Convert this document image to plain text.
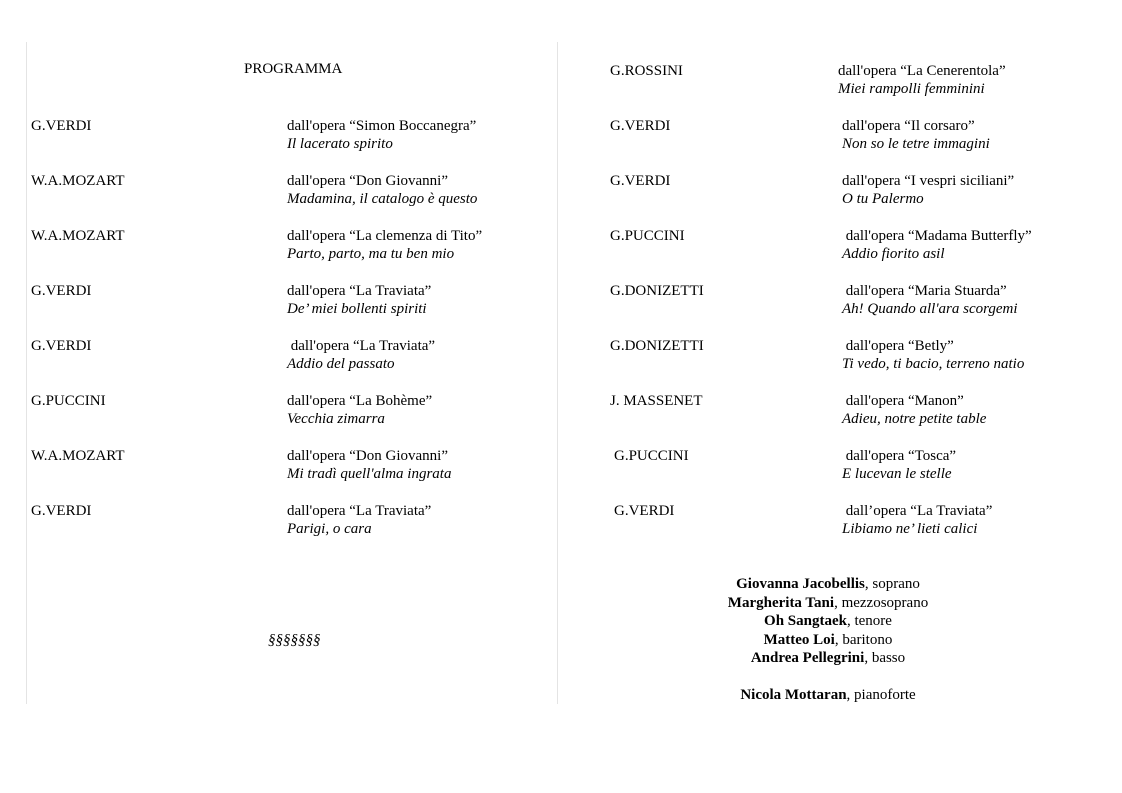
PROGRAMMA
G.VERDI	dall'opera “Simon Boccanegra”
Il lacerato spirito
W.A.MOZART	dall'opera “Don Giovanni”
Madamina, il catalogo è questo
W.A.MOZART	dall'opera “La clemenza di Tito”
Parto, parto, ma tu ben mio
G.VERDI	dall'opera “La Traviata”
De’ miei bollenti spiriti
G.VERDI	dall'opera “La Traviata”
Addio del passato
G.PUCCINI	dall'opera “La Bohème”
Vecchia zimarra
W.A.MOZART	dall'opera “Don Giovanni”
Mi tradì quell'alma ingrata
G.VERDI	dall'opera “La Traviata”
Parigi, o cara
§§§§§§§
G.ROSSINI	dall'opera “La Cenerentola”
Miei rampolli femminini
G.VERDI	dall'opera “Il corsaro”
Non so le tetre immagini
G.VERDI	dall'opera “I vespri siciliani”
O tu Palermo
G.PUCCINI	dall'opera “Madama Butterfly”
Addio fiorito asil
G.DONIZETTI	dall'opera “Maria Stuarda”
Ah! Quando all'ara scorgemi
G.DONIZETTI	dall'opera “Betly”
Ti vedo, ti bacio, terreno natio
J. MASSENET	dall'opera “Manon”
Adieu, notre petite table
G.PUCCINI	dall'opera “Tosca”
E lucevan le stelle
G.VERDI	dall’opera “La Traviata”
Libiamo ne’ lieti calici
Giovanna Jacobellis, soprano
Margherita Tani, mezzosoprano
Oh Sangtaek, tenore
Matteo Loi, baritono
Andrea Pellegrini, basso
Nicola Mottaran, pianoforte
